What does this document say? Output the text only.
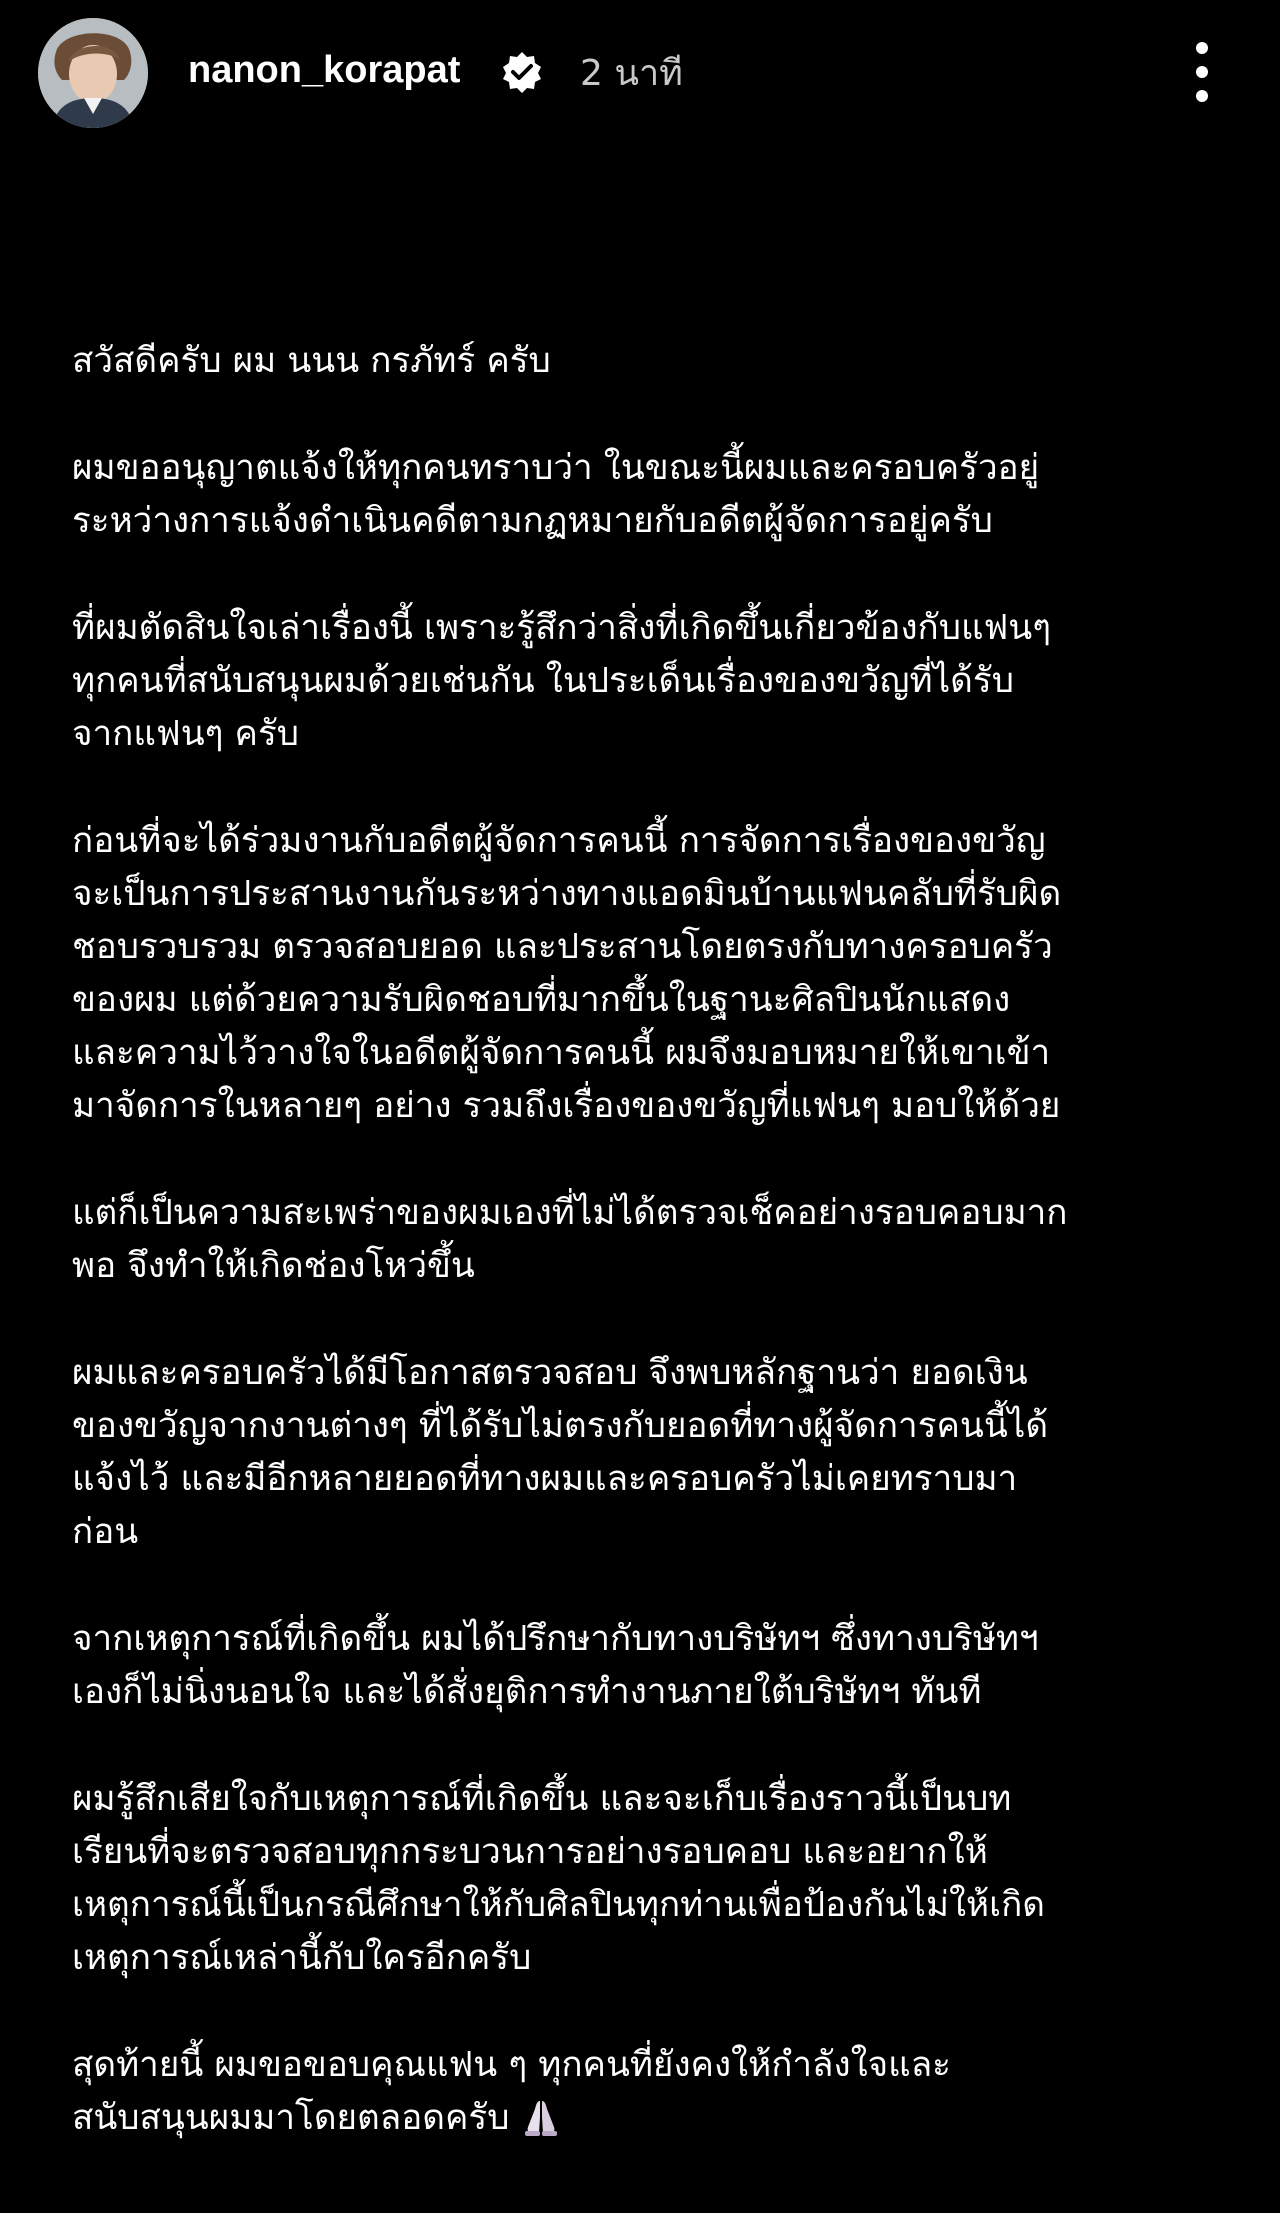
nanon_korapat	2 นาที

สวัสดีครับ ผม นนน กรภัทร์ ครับ

ผมขออนุญาตแจ้งให้ทุกคนทราบว่า ในขณะนี้ผมและครอบครัวอยู่
ระหว่างการแจ้งดำเนินคดีตามกฏหมายกับอดีตผู้จัดการอยู่ครับ

ที่ผมตัดสินใจเล่าเรื่องนี้ เพราะรู้สึกว่าสิ่งที่เกิดขึ้นเกี่ยวข้องกับแฟนๆ
ทุกคนที่สนับสนุนผมด้วยเช่นกัน ในประเด็นเรื่องของขวัญที่ได้รับ
จากแฟนๆ ครับ

ก่อนที่จะได้ร่วมงานกับอดีตผู้จัดการคนนี้ การจัดการเรื่องของขวัญ
จะเป็นการประสานงานกันระหว่างทางแอดมินบ้านแฟนคลับที่รับผิด
ชอบรวบรวม ตรวจสอบยอด และประสานโดยตรงกับทางครอบครัว
ของผม แต่ด้วยความรับผิดชอบที่มากขึ้นในฐานะศิลปินนักแสดง
และความไว้วางใจในอดีตผู้จัดการคนนี้ ผมจึงมอบหมายให้เขาเข้า
มาจัดการในหลายๆ อย่าง รวมถึงเรื่องของขวัญที่แฟนๆ มอบให้ด้วย

แต่ก็เป็นความสะเพร่าของผมเองที่ไม่ได้ตรวจเช็คอย่างรอบคอบมาก
พอ จึงทำให้เกิดช่องโหว่ขึ้น

ผมและครอบครัวได้มีโอกาสตรวจสอบ จึงพบหลักฐานว่า ยอดเงิน
ของขวัญจากงานต่างๆ ที่ได้รับไม่ตรงกับยอดที่ทางผู้จัดการคนนี้ได้
แจ้งไว้ และมีอีกหลายยอดที่ทางผมและครอบครัวไม่เคยทราบมา
ก่อน

จากเหตุการณ์ที่เกิดขึ้น ผมได้ปรึกษากับทางบริษัทฯ ซึ่งทางบริษัทฯ
เองก็ไม่นิ่งนอนใจ และได้สั่งยุติการทำงานภายใต้บริษัทฯ ทันที

ผมรู้สึกเสียใจกับเหตุการณ์ที่เกิดขึ้น และจะเก็บเรื่องราวนี้เป็นบท
เรียนที่จะตรวจสอบทุกกระบวนการอย่างรอบคอบ และอยากให้
เหตุการณ์นี้เป็นกรณีศึกษาให้กับศิลปินทุกท่านเพื่อป้องกันไม่ให้เกิด
เหตุการณ์เหล่านี้กับใครอีกครับ

สุดท้ายนี้ ผมขอขอบคุณแฟน ๆ ทุกคนที่ยังคงให้กำลังใจและ
สนับสนุนผมมาโดยตลอดครับ
